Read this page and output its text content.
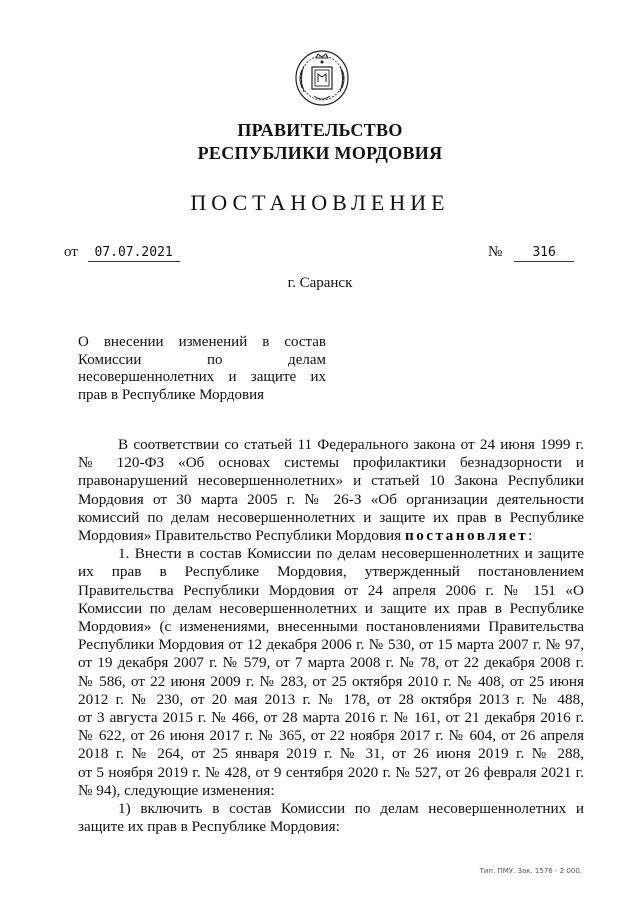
ПРАВИТЕЛЬСТВО
РЕСПУБЛИКИ МОРДОВИЯ
ПОСТАНОВЛЕНИЕ
от 07.07.2021	№ 316
г. Саранск
О внесении изменений в состав
Комиссии по делам
несовершеннолетних и защите их
прав в Республике Мордовия
В соответствии со статьей 11 Федерального закона от 24 июня 1999 г.
№ 120-ФЗ «Об основах системы профилактики безнадзорности и
правонарушений несовершеннолетних» и статьей 10 Закона Республики
Мордовия от 30 марта 2005 г. № 26-З «Об организации деятельности
комиссий по делам несовершеннолетних и защите их прав в Республике
Мордовия» Правительство Республики Мордовия постановляет:
1. Внести в состав Комиссии по делам несовершеннолетних и защите
их прав в Республике Мордовия, утвержденный постановлением
Правительства Республики Мордовия от 24 апреля 2006 г. № 151 «О
Комиссии по делам несовершеннолетних и защите их прав в Республике
Мордовия» (с изменениями, внесенными постановлениями Правительства
Республики Мордовия от 12 декабря 2006 г. № 530, от 15 марта 2007 г. № 97,
от 19 декабря 2007 г. № 579, от 7 марта 2008 г. № 78, от 22 декабря 2008 г.
№ 586, от 22 июня 2009 г. № 283, от 25 октября 2010 г. № 408, от 25 июня
2012 г. № 230, от 20 мая 2013 г. № 178, от 28 октября 2013 г. № 488,
от 3 августа 2015 г. № 466, от 28 марта 2016 г. № 161, от 21 декабря 2016 г.
№ 622, от 26 июня 2017 г. № 365, от 22 ноября 2017 г. № 604, от 26 апреля
2018 г. № 264, от 25 января 2019 г. № 31, от 26 июня 2019 г. № 288,
от 5 ноября 2019 г. № 428, от 9 сентября 2020 г. № 527, от 26 февраля 2021 г.
№ 94), следующие изменения:
1) включить в состав Комиссии по делам несовершеннолетних и
защите их прав в Республике Мордовия:
Тип. ПМУ. Зак. 1576 - 2 000.
